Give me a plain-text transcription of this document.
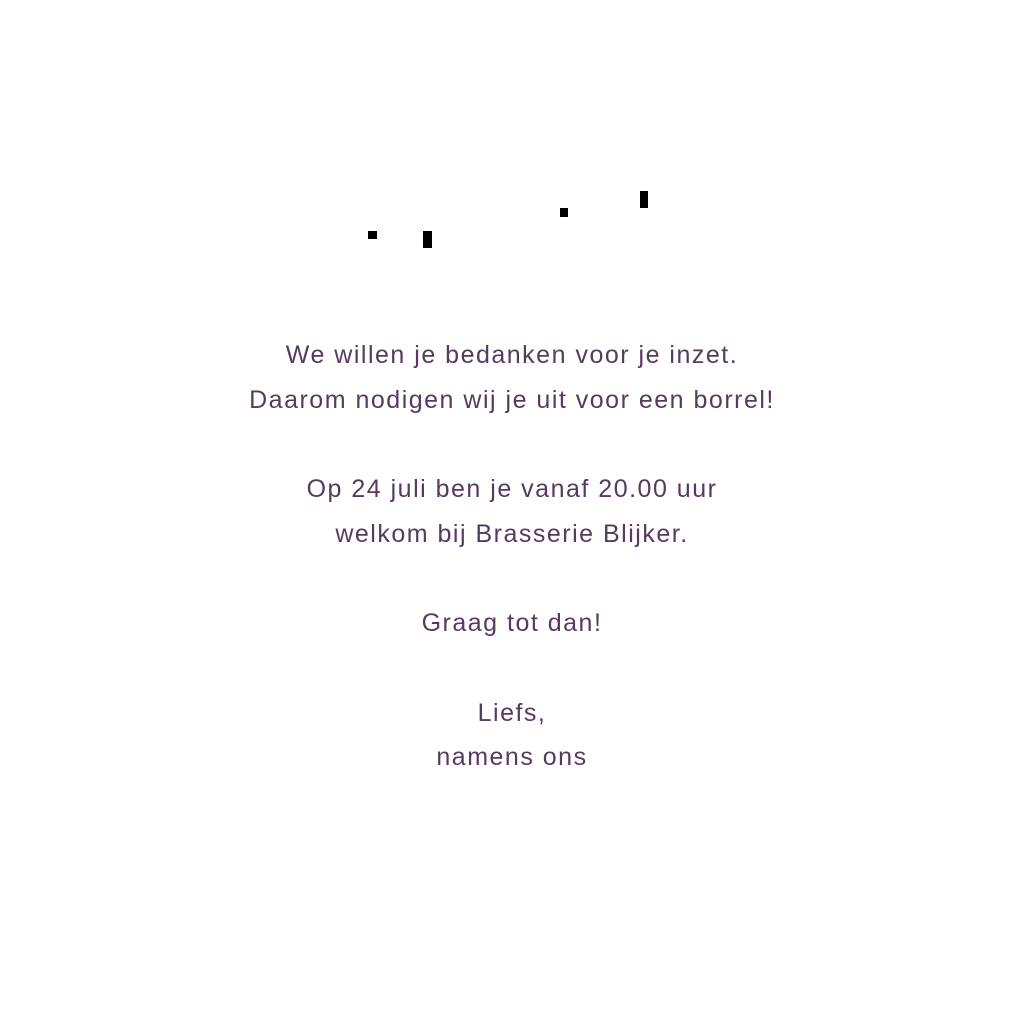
We willen je bedanken voor je inzet.
Daarom nodigen wij je uit voor een borrel!
Op 24 juli ben je vanaf 20.00 uur
welkom bij Brasserie Blijker.
Graag tot dan!
Liefs,
namens ons
